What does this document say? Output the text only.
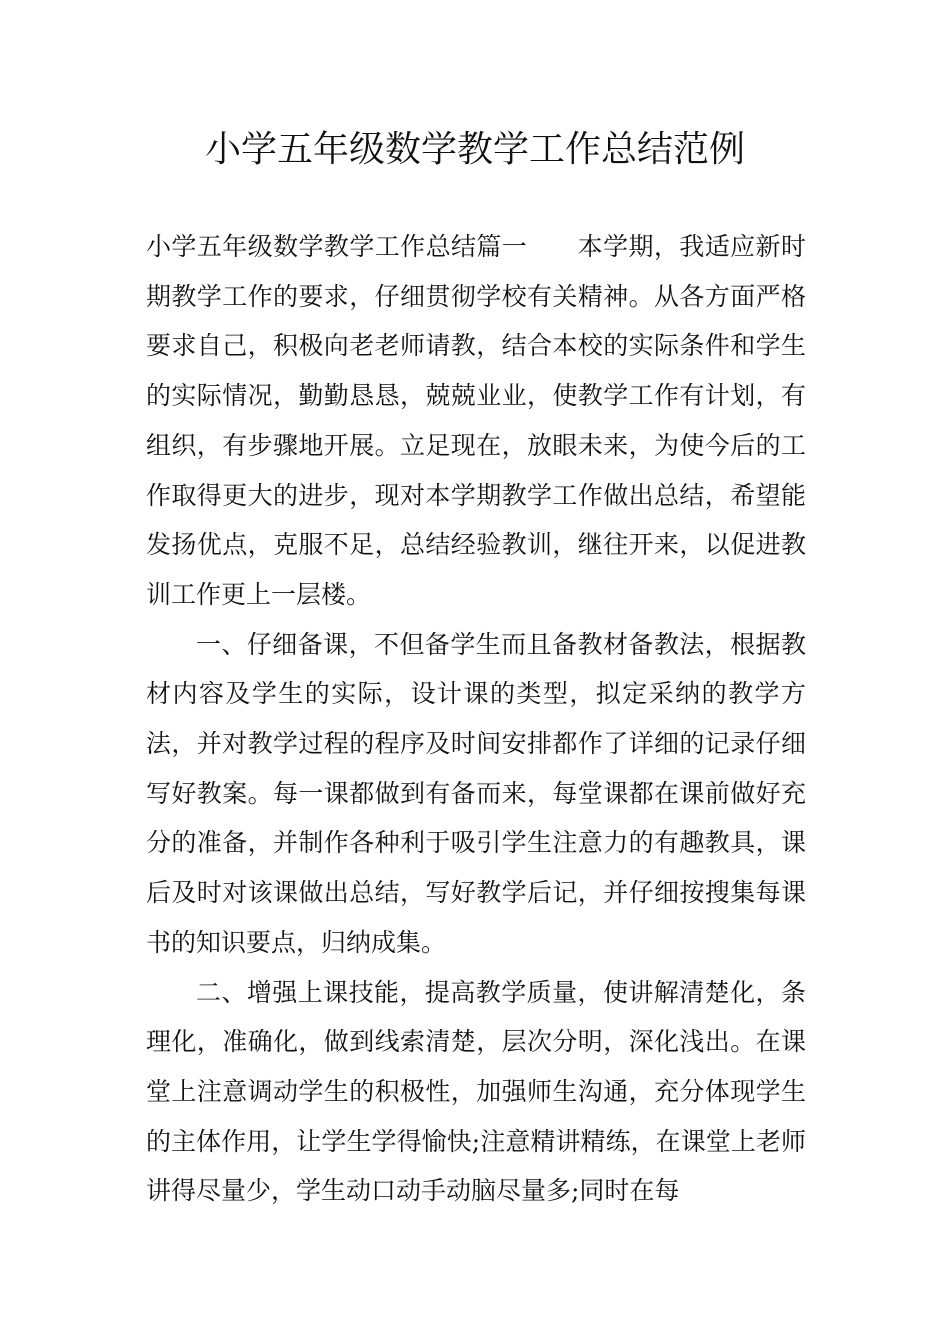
小学五年级数学教学工作总结范例

小学五年级数学教学工作总结篇一 本学期，我适应新时期教学工作的要求，仔细贯彻学校有关精神。从各方面严格要求自己，积极向老老师请教，结合本校的实际条件和学生的实际情况，勤勤恳恳，兢兢业业，使教学工作有计划，有组织，有步骤地开展。立足现在，放眼未来，为使今后的工作取得更大的进步，现对本学期教学工作做出总结，希望能发扬优点，克服不足，总结经验教训，继往开来，以促进教训工作更上一层楼。

一、仔细备课，不但备学生而且备教材备教法，根据教材内容及学生的实际，设计课的类型，拟定采纳的教学方法，并对教学过程的程序及时间安排都作了详细的记录仔细写好教案。每一课都做到有备而来，每堂课都在课前做好充分的准备，并制作各种利于吸引学生注意力的有趣教具，课后及时对该课做出总结，写好教学后记，并仔细按搜集每课书的知识要点，归纳成集。

二、增强上课技能，提高教学质量，使讲解清楚化，条理化，准确化，做到线索清楚，层次分明，深化浅出。在课堂上注意调动学生的积极性，加强师生沟通，充分体现学生的主体作用，让学生学得愉快;注意精讲精练，在课堂上老师讲得尽量少，学生动口动手动脑尽量多;同时在每
